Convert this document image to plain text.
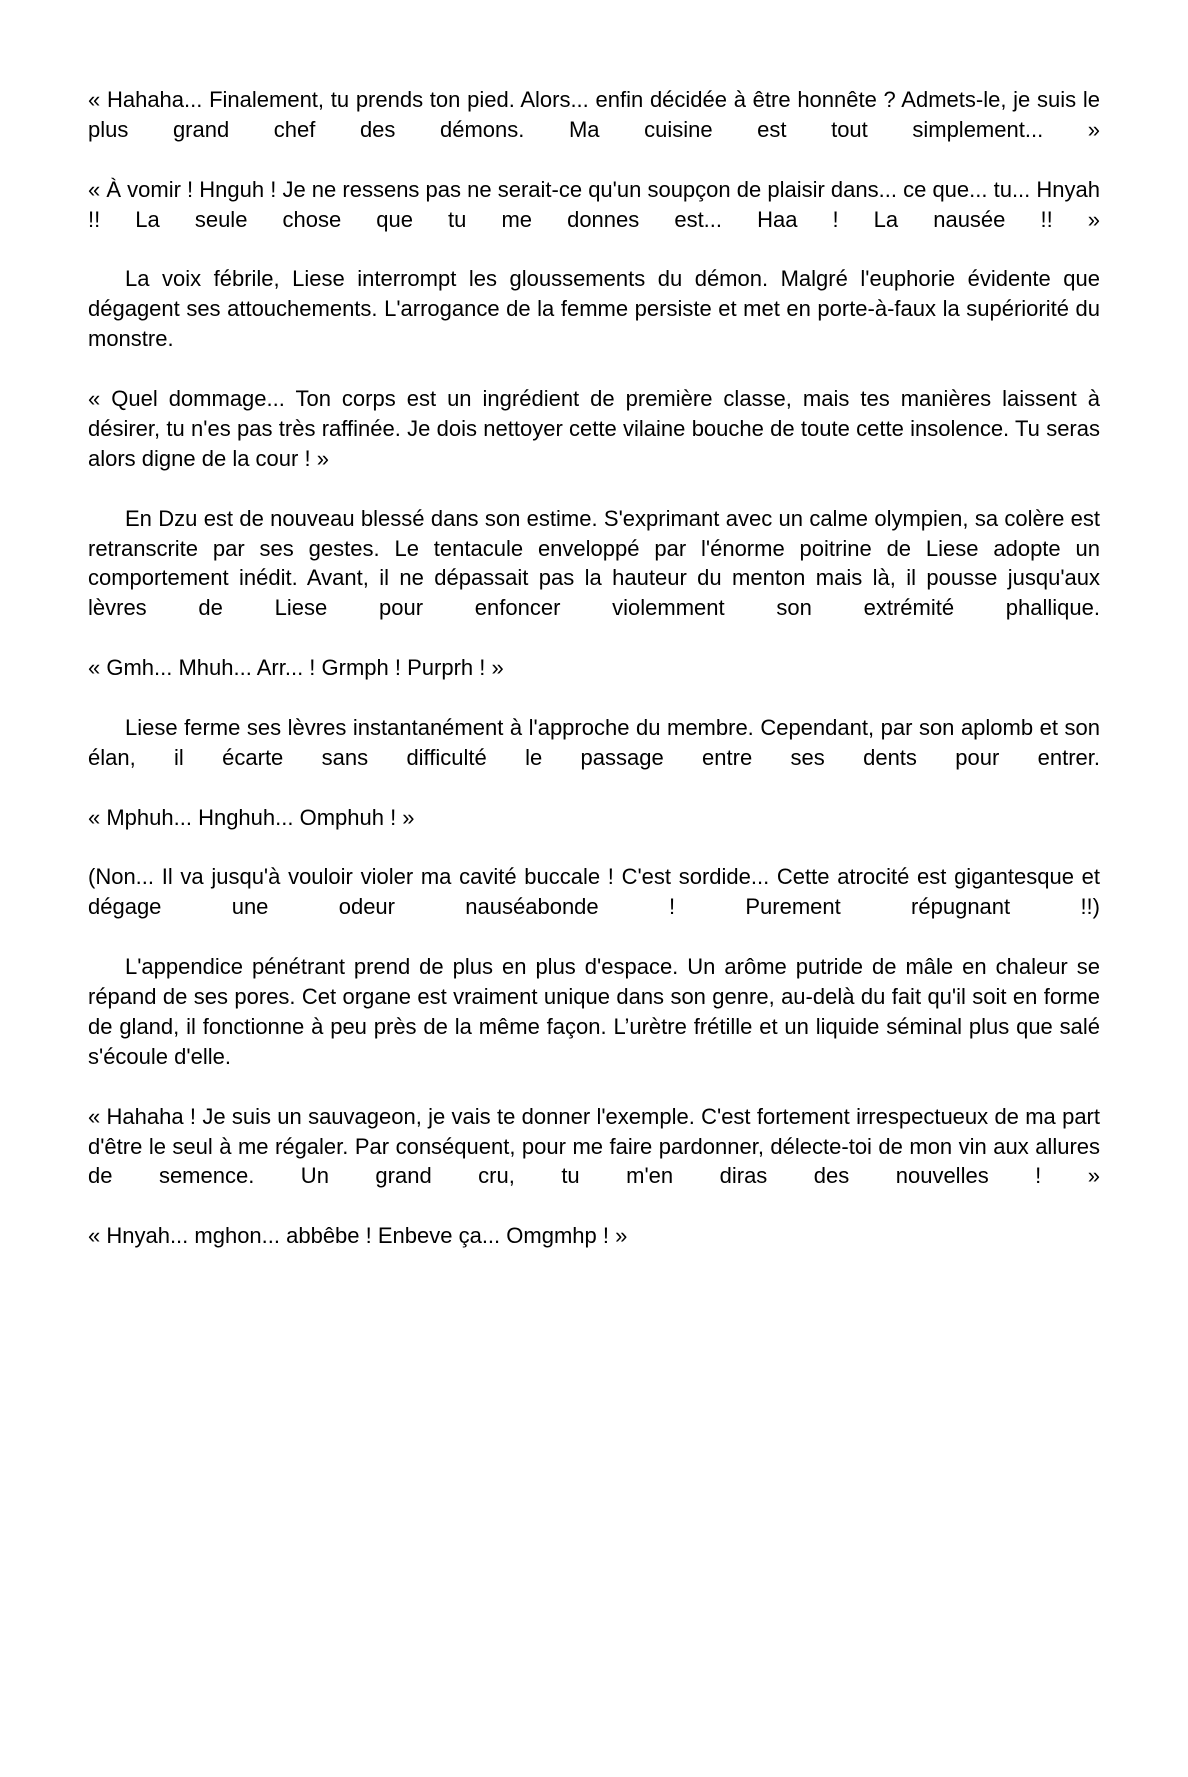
« Hahaha... Finalement, tu prends ton pied. Alors... enfin décidée à être honnête ? Admets-le, je suis le plus grand chef des démons. Ma cuisine est tout simplement... »

« À vomir ! Hnguh ! Je ne ressens pas ne serait-ce qu'un soupçon de plaisir dans... ce que... tu... Hnyah !! La seule chose que tu me donnes est... Haa ! La nausée !! »

La voix fébrile, Liese interrompt les gloussements du démon. Malgré l'euphorie évidente que dégagent ses attouchements. L'arrogance de la femme persiste et met en porte-à-faux la supériorité du monstre.

« Quel dommage... Ton corps est un ingrédient de première classe, mais tes manières laissent à désirer, tu n'es pas très raffinée. Je dois nettoyer cette vilaine bouche de toute cette insolence. Tu seras alors digne de la cour ! »

En Dzu est de nouveau blessé dans son estime. S'exprimant avec un calme olympien, sa colère est retranscrite par ses gestes. Le tentacule enveloppé par l'énorme poitrine de Liese adopte un comportement inédit. Avant, il ne dépassait pas la hauteur du menton mais là, il pousse jusqu'aux lèvres de Liese pour enfoncer violemment son extrémité phallique.

« Gmh... Mhuh... Arr... ! Grmph ! Purprh ! »

Liese ferme ses lèvres instantanément à l'approche du membre. Cependant, par son aplomb et son élan, il écarte sans difficulté le passage entre ses dents pour entrer.

« Mphuh... Hnghuh... Omphuh ! »

(Non... Il va jusqu'à vouloir violer ma cavité buccale ! C'est sordide... Cette atrocité est gigantesque et dégage une odeur nauséabonde ! Purement répugnant !!)

L'appendice pénétrant prend de plus en plus d'espace. Un arôme putride de mâle en chaleur se répand de ses pores. Cet organe est vraiment unique dans son genre, au-delà du fait qu'il soit en forme de gland, il fonctionne à peu près de la même façon. L’urètre frétille et un liquide séminal plus que salé s'écoule d'elle.

« Hahaha ! Je suis un sauvageon, je vais te donner l'exemple. C'est fortement irrespectueux de ma part d'être le seul à me régaler. Par conséquent, pour me faire pardonner, délecte-toi de mon vin aux allures de semence. Un grand cru, tu m'en diras des nouvelles ! »

« Hnyah... mghon... abbêbe ! Enbeve ça... Omgmhp ! »
